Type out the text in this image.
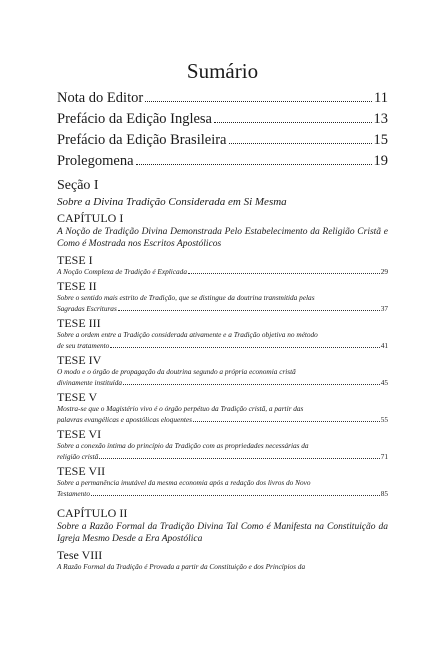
Sumário
Nota do Editor	11
Prefácio da Edição Inglesa	13
Prefácio da Edição Brasileira	15
Prolegomena	19
Seção I
Sobre a Divina Tradição Considerada em Si Mesma
CAPÍTULO I
A Noção de Tradição Divina Demonstrada Pelo Estabelecimento da Religião Cristã e Como é Mostrada nos Escritos Apostólicos
TESE I
A Noção Complexa de Tradição é Explicada	29
TESE II
Sobre o sentido mais estrito de Tradição, que se distingue da doutrina transmitida pelas
Sagradas Escrituras	37
TESE III
Sobre a ordem entre a Tradição considerada ativamente e a Tradição objetiva no método
de seu tratamento	41
TESE IV
O modo e o órgão de propagação da doutrina segundo a própria economia cristã
divinamente instituída	45
TESE V
Mostra-se que o Magistério vivo é o órgão perpétuo da Tradição cristã, a partir das
palavras evangélicas e apostólicas eloquentes	55
TESE VI
Sobre a conexão íntima do princípio da Tradição com as propriedades necessárias da
religião cristã	71
TESE VII
Sobre a permanência imutável da mesma economia após a redação dos livros do Novo
Testamento	85
CAPÍTULO II
Sobre a Razão Formal da Tradição Divina Tal Como é Manifesta na Constituição da Igreja Mesmo Desde a Era Apostólica
Tese VIII
A Razão Formal da Tradição é Provada a partir da Constituição e dos Princípios da
